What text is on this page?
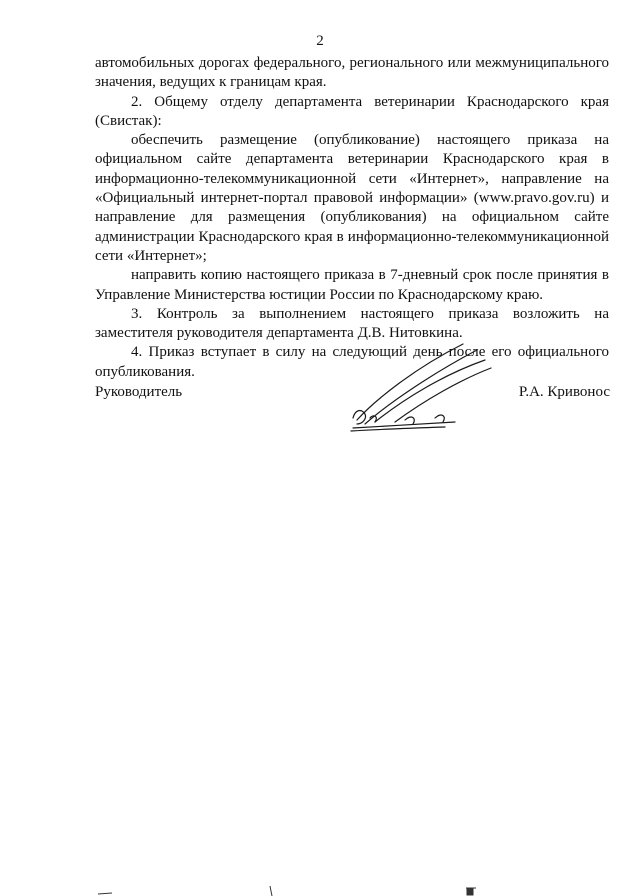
2

автомобильных дорогах федерального, регионального или межмуниципального значения, ведущих к границам края.

2. Общему отделу департамента ветеринарии Краснодарского края (Свистак):

обеспечить размещение (опубликование) настоящего приказа на официальном сайте департамента ветеринарии Краснодарского края в информационно-телекоммуникационной сети «Интернет», направление на «Официальный интернет-портал правовой информации» (www.pravo.gov.ru) и направление для размещения (опубликования) на официальном сайте администрации Краснодарского края в информационно-телекоммуникационной сети «Интернет»;

направить копию настоящего приказа в 7-дневный срок после принятия в Управление Министерства юстиции России по Краснодарскому краю.

3. Контроль за выполнением настоящего приказа возложить на заместителя руководителя департамента Д.В. Нитовкина.

4. Приказ вступает в силу на следующий день после его официального опубликования.

Руководитель	Р.А. Кривонос
